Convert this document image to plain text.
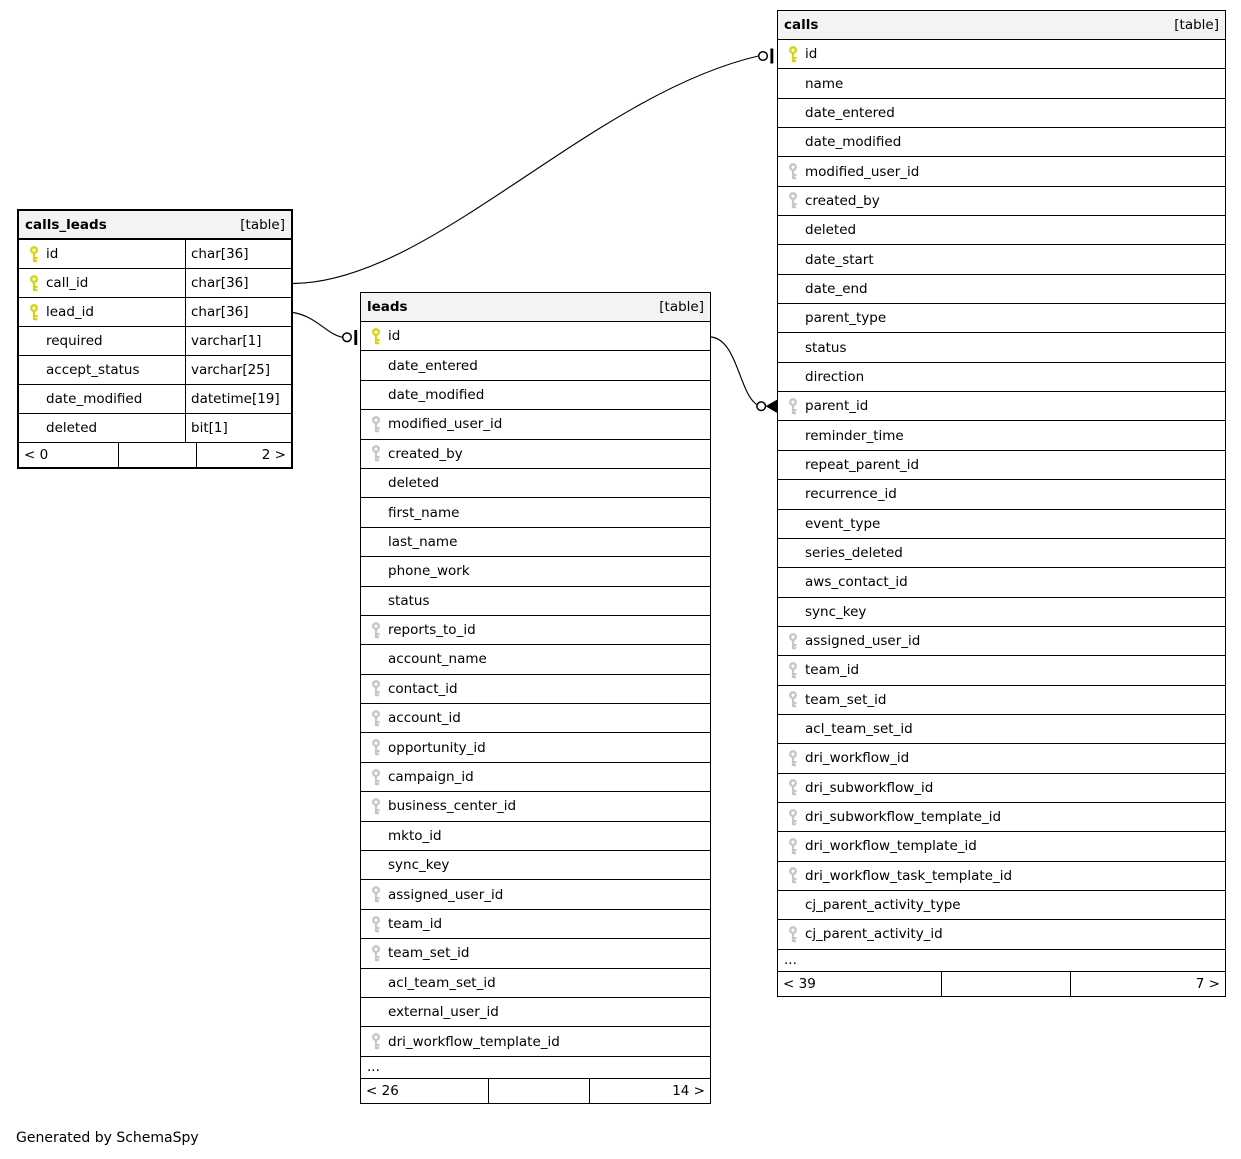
calls_leads	[table]
id	char[36]
call_id	char[36]
lead_id	char[36]
required	varchar[1]
accept_status	varchar[25]
date_modified	datetime[19]
deleted	bit[1]
< 0	2 >
leads	[table]
id
date_entered
date_modified
modified_user_id
created_by
deleted
first_name
last_name
phone_work
status
reports_to_id
account_name
contact_id
account_id
opportunity_id
campaign_id
business_center_id
mkto_id
sync_key
assigned_user_id
team_id
team_set_id
acl_team_set_id
external_user_id
dri_workflow_template_id
...
< 26	14 >
calls	[table]
id
name
date_entered
date_modified
modified_user_id
created_by
deleted
date_start
date_end
parent_type
status
direction
parent_id
reminder_time
repeat_parent_id
recurrence_id
event_type
series_deleted
aws_contact_id
sync_key
assigned_user_id
team_id
team_set_id
acl_team_set_id
dri_workflow_id
dri_subworkflow_id
dri_subworkflow_template_id
dri_workflow_template_id
dri_workflow_task_template_id
cj_parent_activity_type
cj_parent_activity_id
...
< 39	7 >
Generated by SchemaSpy
